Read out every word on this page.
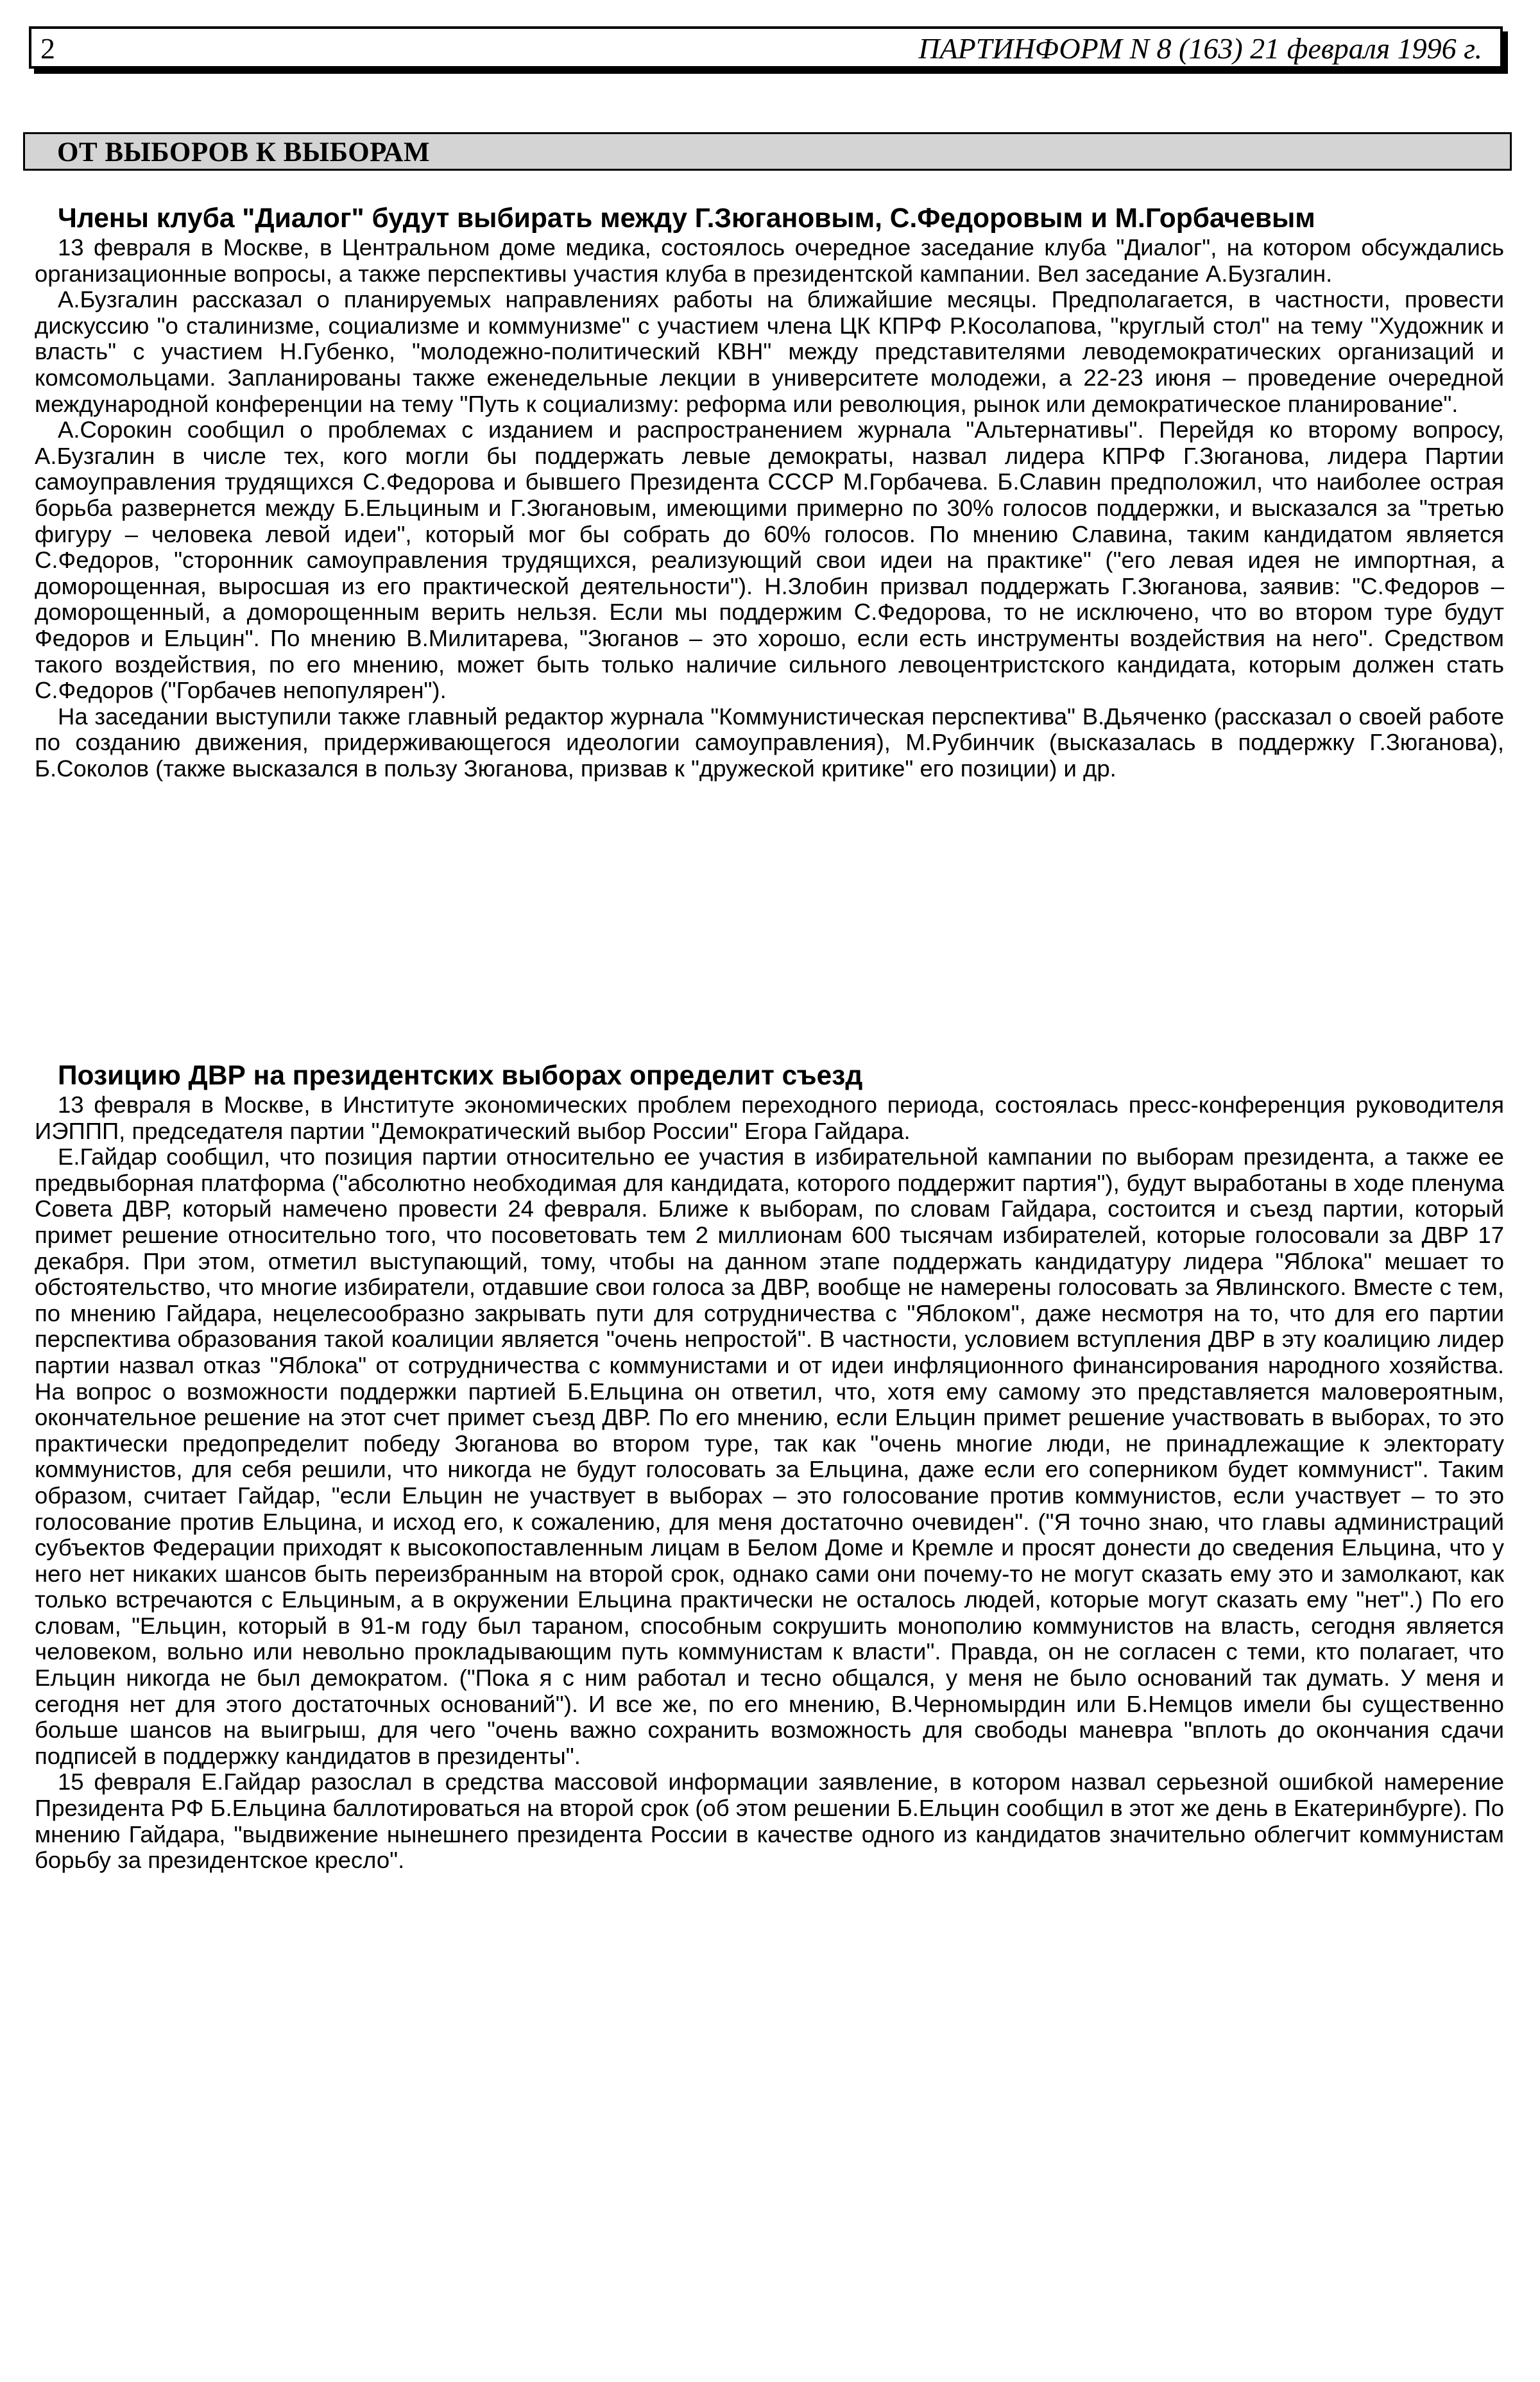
2	ПАРТИНФОРМ N 8 (163) 21 февраля 1996 г.
ОТ ВЫБОРОВ К ВЫБОРАМ
Члены клуба "Диалог" будут выбирать между Г.Зюгановым, С.Федоровым и М.Горбачевым

13 февраля в Москве, в Центральном доме медика, состоялось очередное заседание клуба "Диалог", на котором обсуждались организационные вопросы, а также перспективы участия клуба в президентской кампании. Вел заседание А.Бузгалин.

А.Бузгалин рассказал о планируемых направлениях работы на ближайшие месяцы. Предполагается, в частности, провести дискуссию "о сталинизме, социализме и коммунизме" с участием члена ЦК КПРФ Р.Косолапова, "круглый стол" на тему "Художник и власть" с участием Н.Губенко, "молодежно-политический КВН" между представителями леводемократических организаций и комсомольцами. Запланированы также еженедельные лекции в университете молодежи, а 22-23 июня – проведение очередной международной конференции на тему "Путь к социализму: реформа или революция, рынок или демократическое планирование".

А.Сорокин сообщил о проблемах с изданием и распространением журнала "Альтернативы". Перейдя ко второму вопросу, А.Бузгалин в числе тех, кого могли бы поддержать левые демократы, назвал лидера КПРФ Г.Зюганова, лидера Партии самоуправления трудящихся С.Федорова и бывшего Президента СССР М.Горбачева. Б.Славин предположил, что наиболее острая борьба развернется между Б.Ельциным и Г.Зюгановым, имеющими примерно по 30% голосов поддержки, и высказался за "третью фигуру – человека левой идеи", который мог бы собрать до 60% голосов. По мнению Славина, таким кандидатом является С.Федоров, "сторонник самоуправления трудящихся, реализующий свои идеи на практике" ("его левая идея не импортная, а доморощенная, выросшая из его практической деятельности"). Н.Злобин призвал поддержать Г.Зюганова, заявив: "С.Федоров – доморощенный, а доморощенным верить нельзя. Если мы поддержим С.Федорова, то не исключено, что во втором туре будут Федоров и Ельцин". По мнению В.Милитарева, "Зюганов – это хорошо, если есть инструменты воздействия на него". Средством такого воздействия, по его мнению, может быть только наличие сильного левоцентристского кандидата, которым должен стать С.Федоров ("Горбачев непопулярен").

На заседании выступили также главный редактор журнала "Коммунистическая перспектива" В.Дьяченко (рассказал о своей работе по созданию движения, придерживающегося идеологии самоуправления), М.Рубинчик (высказалась в поддержку Г.Зюганова), Б.Соколов (также высказался в пользу Зюганова, призвав к "дружеской критике" его позиции) и др.

Позицию ДВР на президентских выборах определит съезд

13 февраля в Москве, в Институте экономических проблем переходного периода, состоялась пресс-конференция руководителя ИЭППП, председателя партии "Демократический выбор России" Егора Гайдара.

Е.Гайдар сообщил, что позиция партии относительно ее участия в избирательной кампании по выборам президента, а также ее предвыборная платформа ("абсолютно необходимая для кандидата, которого поддержит партия"), будут выработаны в ходе пленума Совета ДВР, который намечено провести 24 февраля. Ближе к выборам, по словам Гайдара, состоится и съезд партии, который примет решение относительно того, что посоветовать тем 2 миллионам 600 тысячам избирателей, которые голосовали за ДВР 17 декабря. При этом, отметил выступающий, тому, чтобы на данном этапе поддержать кандидатуру лидера "Яблока" мешает то обстоятельство, что многие избиратели, отдавшие свои голоса за ДВР, вообще не намерены голосовать за Явлинского. Вместе с тем, по мнению Гайдара, нецелесообразно закрывать пути для сотрудничества с "Яблоком", даже несмотря на то, что для его партии перспектива образования такой коалиции является "очень непростой". В частности, условием вступления ДВР в эту коалицию лидер партии назвал отказ "Яблока" от сотрудничества с коммунистами и от идеи инфляционного финансирования народного хозяйства. На вопрос о возможности поддержки партией Б.Ельцина он ответил, что, хотя ему самому это представляется маловероятным, окончательное решение на этот счет примет съезд ДВР. По его мнению, если Ельцин примет решение участвовать в выборах, то это практически предопределит победу Зюганова во втором туре, так как "очень многие люди, не принадлежащие к электорату коммунистов, для себя решили, что никогда не будут голосовать за Ельцина, даже если его соперником будет коммунист". Таким образом, считает Гайдар, "если Ельцин не участвует в выборах – это голосование против коммунистов, если участвует – то это голосование против Ельцина, и исход его, к сожалению, для меня достаточно очевиден". ("Я точно знаю, что главы администраций субъектов Федерации приходят к высокопоставленным лицам в Белом Доме и Кремле и просят донести до сведения Ельцина, что у него нет никаких шансов быть переизбранным на второй срок, однако сами они почему-то не могут сказать ему это и замолкают, как только встречаются с Ельциным, а в окружении Ельцина практически не осталось людей, которые могут сказать ему "нет".) По его словам, "Ельцин, который в 91-м году был тараном, способным сокрушить монополию коммунистов на власть, сегодня является человеком, вольно или невольно прокладывающим путь коммунистам к власти". Правда, он не согласен с теми, кто полагает, что Ельцин никогда не был демократом. ("Пока я с ним работал и тесно общался, у меня не было оснований так думать. У меня и сегодня нет для этого достаточных оснований"). И все же, по его мнению, В.Черномырдин или Б.Немцов имели бы существенно больше шансов на выигрыш, для чего "очень важно сохранить возможность для свободы маневра "вплоть до окончания сдачи подписей в поддержку кандидатов в президенты".

15 февраля Е.Гайдар разослал в средства массовой информации заявление, в котором назвал серьезной ошибкой намерение Президента РФ Б.Ельцина баллотироваться на второй срок (об этом решении Б.Ельцин сообщил в этот же день в Екатеринбурге). По мнению Гайдара, "выдвижение нынешнего президента России в качестве одного из кандидатов значительно облегчит коммунистам борьбу за президентское кресло".
